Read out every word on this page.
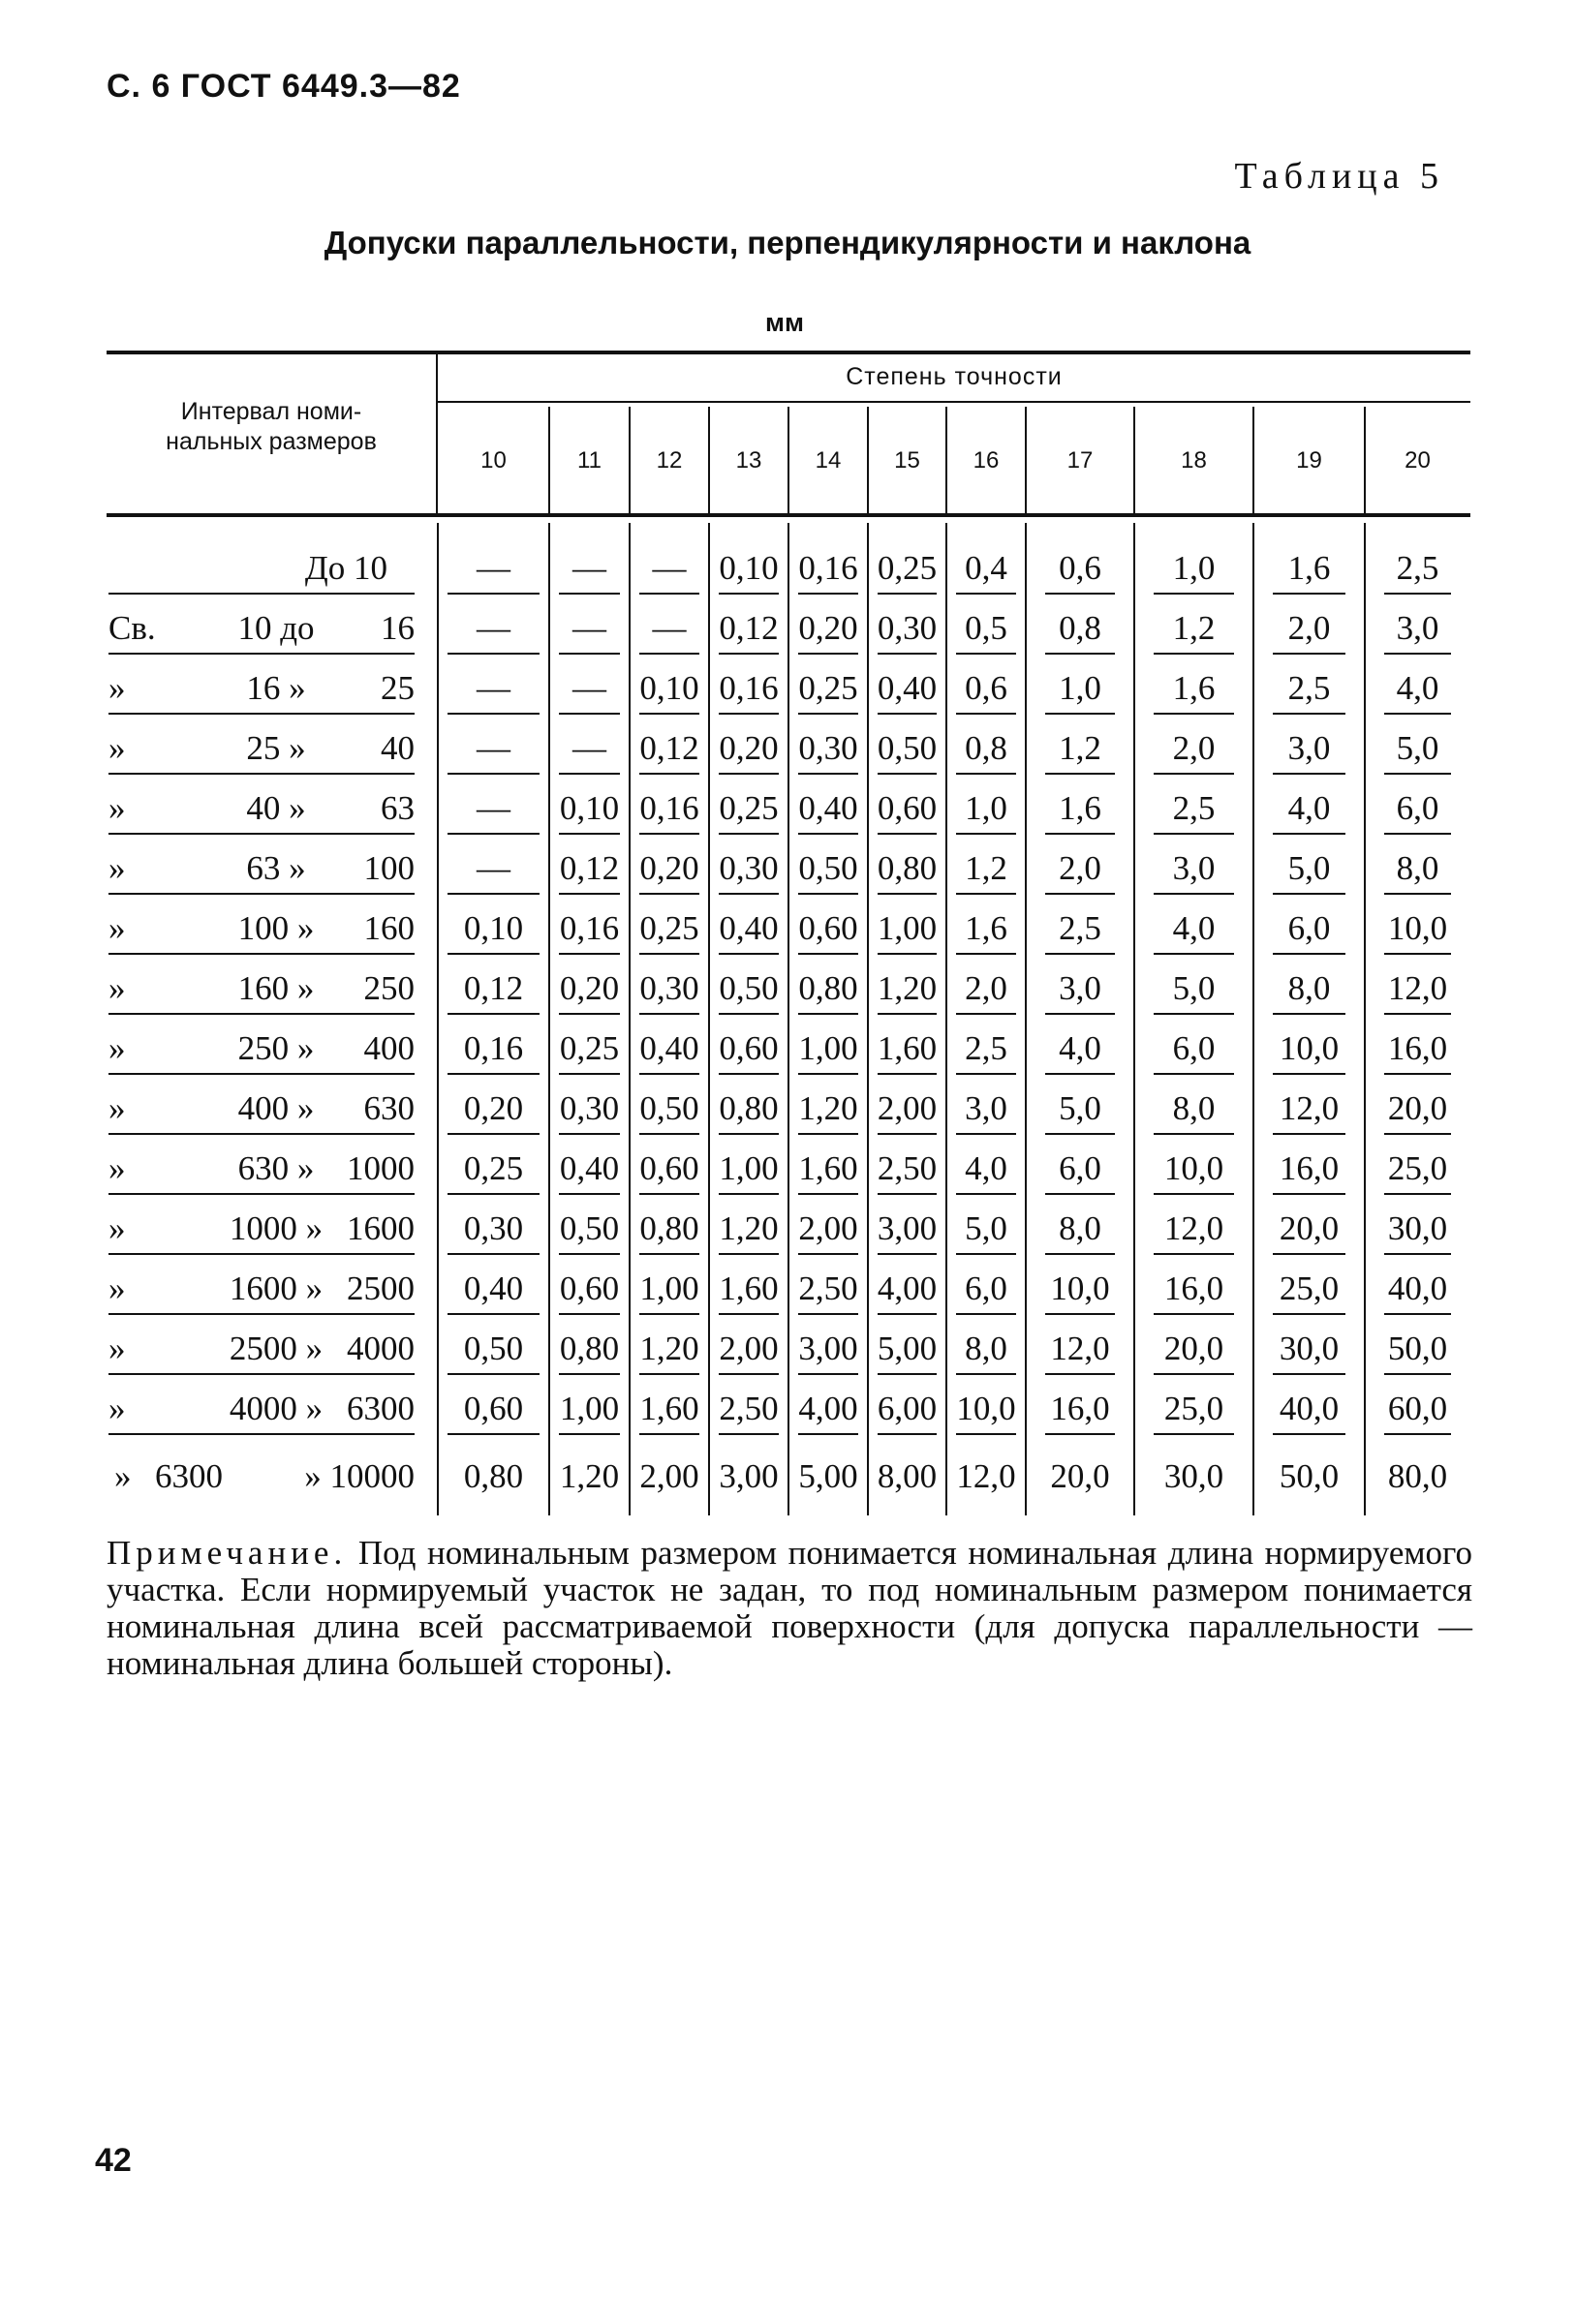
С. 6 ГОСТ 6449.3—82
Таблица 5
Допуски параллельности, перпендикулярности и наклона
мм
Интервал номи-
нальных размеров
Степень точности
10	11	12	13	14	15	16	17	18	19	20
До 10	—	—	— 0,10 0,16 0,25 0,4	0,6	1,0	1,6	2,5
Св.	10 до	16	—	—	— 0,12 0,20 0,30 0,5	0,8	1,2	2,0	3,0
»	16 »	25	—	— 0,10 0,16 0,25 0,40 0,6	1,0	1,6	2,5	4,0
»	25 »	40	—	— 0,12 0,20 0,30 0,50 0,8	1,2	2,0	3,0	5,0
»	40 »	63	—	0,10 0,16 0,25 0,40 0,60 1,0	1,6	2,5	4,0	6,0
»	63 »	100	—	0,12 0,20 0,30 0,50 0,80 1,2	2,0	3,0	5,0	8,0
»	100 »	160	0,10	0,16 0,25 0,40 0,60 1,00 1,6	2,5	4,0	6,0	10,0
»	160 »	250	0,12	0,20 0,30 0,50 0,80 1,20 2,0	3,0	5,0	8,0	12,0
»	250 »	400	0,16	0,25 0,40 0,60 1,00 1,60 2,5	4,0	6,0	10,0	16,0
»	400 »	630	0,20	0,30 0,50 0,80 1,20 2,00 3,0	5,0	8,0	12,0	20,0
»	630 » 1000	0,25	0,40 0,60 1,00 1,60 2,50 4,0	6,0	10,0	16,0	25,0
»	1000 » 1600	0,30	0,50 0,80 1,20 2,00 3,00 5,0	8,0	12,0	20,0	30,0
»	1600 » 2500	0,40	0,60 1,00 1,60 2,50 4,00 6,0	10,0	16,0	25,0	40,0
»	2500 » 4000	0,50	0,80 1,20 2,00 3,00 5,00 8,0	12,0	20,0	30,0	50,0
»	4000 » 6300	0,60	1,00 1,60 2,50 4,00 6,00 10,0	16,0	25,0	40,0	60,0
» 6300	» 10000	0,80	1,20 2,00 3,00 5,00 8,00 12,0	20,0	30,0	50,0	80,0
Примечание. Под номинальным размером понимается номинальная длина нормируемого участка. Если нормируемый участок не задан, то под номинальным размером понимается номинальная длина всей рассматриваемой поверхности (для допуска параллельности — номинальная длина большей стороны).
42
